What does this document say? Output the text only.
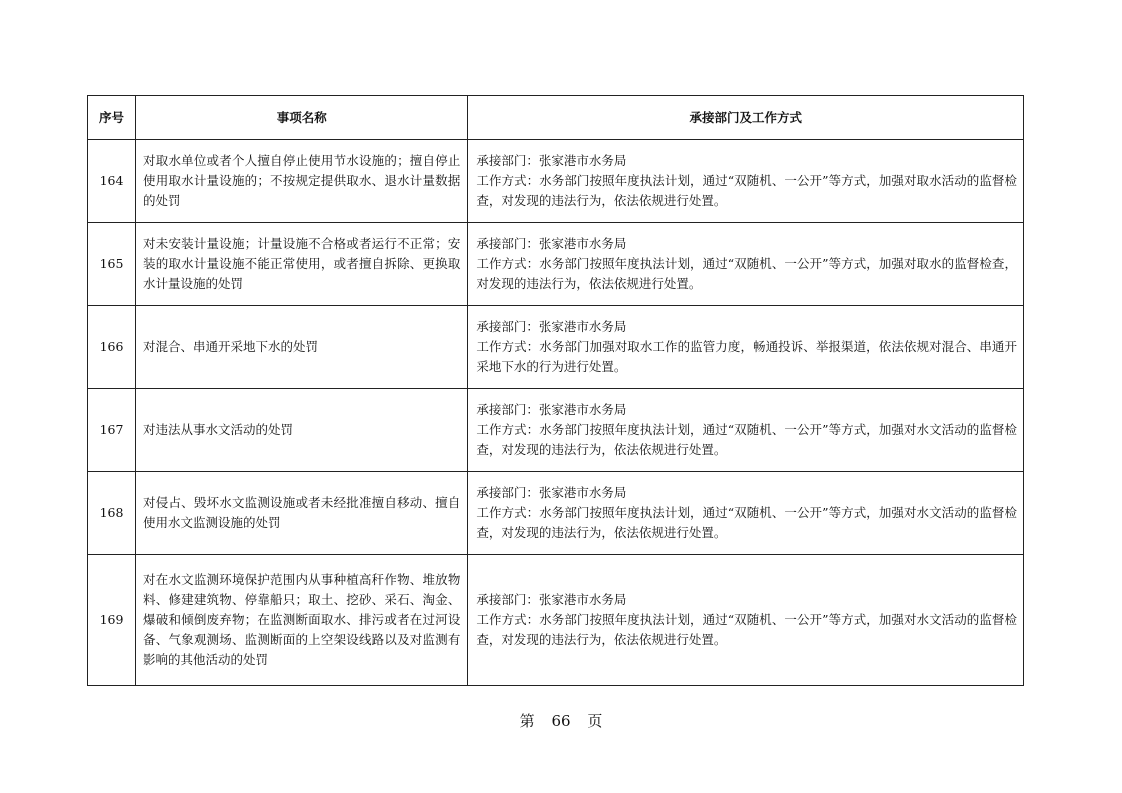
序号	事项名称	承接部门及工作方式
164	对取水单位或者个人擅自停止使用节水设施的；擅自停止使用取水计量设施的；不按规定提供取水、退水计量数据的处罚	承接部门：张家港市水务局
工作方式：水务部门按照年度执法计划，通过“双随机、一公开”等方式，加强对取水活动的监督检查，对发现的违法行为，依法依规进行处置。

165	对未安装计量设施；计量设施不合格或者运行不正常；安装的取水计量设施不能正常使用，或者擅自拆除、更换取水计量设施的处罚	承接部门：张家港市水务局
工作方式：水务部门按照年度执法计划，通过“双随机、一公开”等方式，加强对取水的监督检查，对发现的违法行为，依法依规进行处置。

166	对混合、串通开采地下水的处罚	承接部门：张家港市水务局
工作方式：水务部门加强对取水工作的监管力度，畅通投诉、举报渠道，依法依规对混合、串通开采地下水的行为进行处置。

167	对违法从事水文活动的处罚	承接部门：张家港市水务局
工作方式：水务部门按照年度执法计划，通过“双随机、一公开”等方式，加强对水文活动的监督检查，对发现的违法行为，依法依规进行处置。

168	对侵占、毁坏水文监测设施或者未经批准擅自移动、擅自使用水文监测设施的处罚	承接部门：张家港市水务局
工作方式：水务部门按照年度执法计划，通过“双随机、一公开”等方式，加强对水文活动的监督检查，对发现的违法行为，依法依规进行处置。

169	对在水文监测环境保护范围内从事种植高秆作物、堆放物料、修建建筑物、停靠船只；取土、挖砂、采石、淘金、爆破和倾倒废弃物；在监测断面取水、排污或者在过河设备、气象观测场、监测断面的上空架设线路以及对监测有影响的其他活动的处罚	承接部门：张家港市水务局
工作方式：水务部门按照年度执法计划，通过“双随机、一公开”等方式，加强对水文活动的监督检查，对发现的违法行为，依法依规进行处置。
第 66 页
